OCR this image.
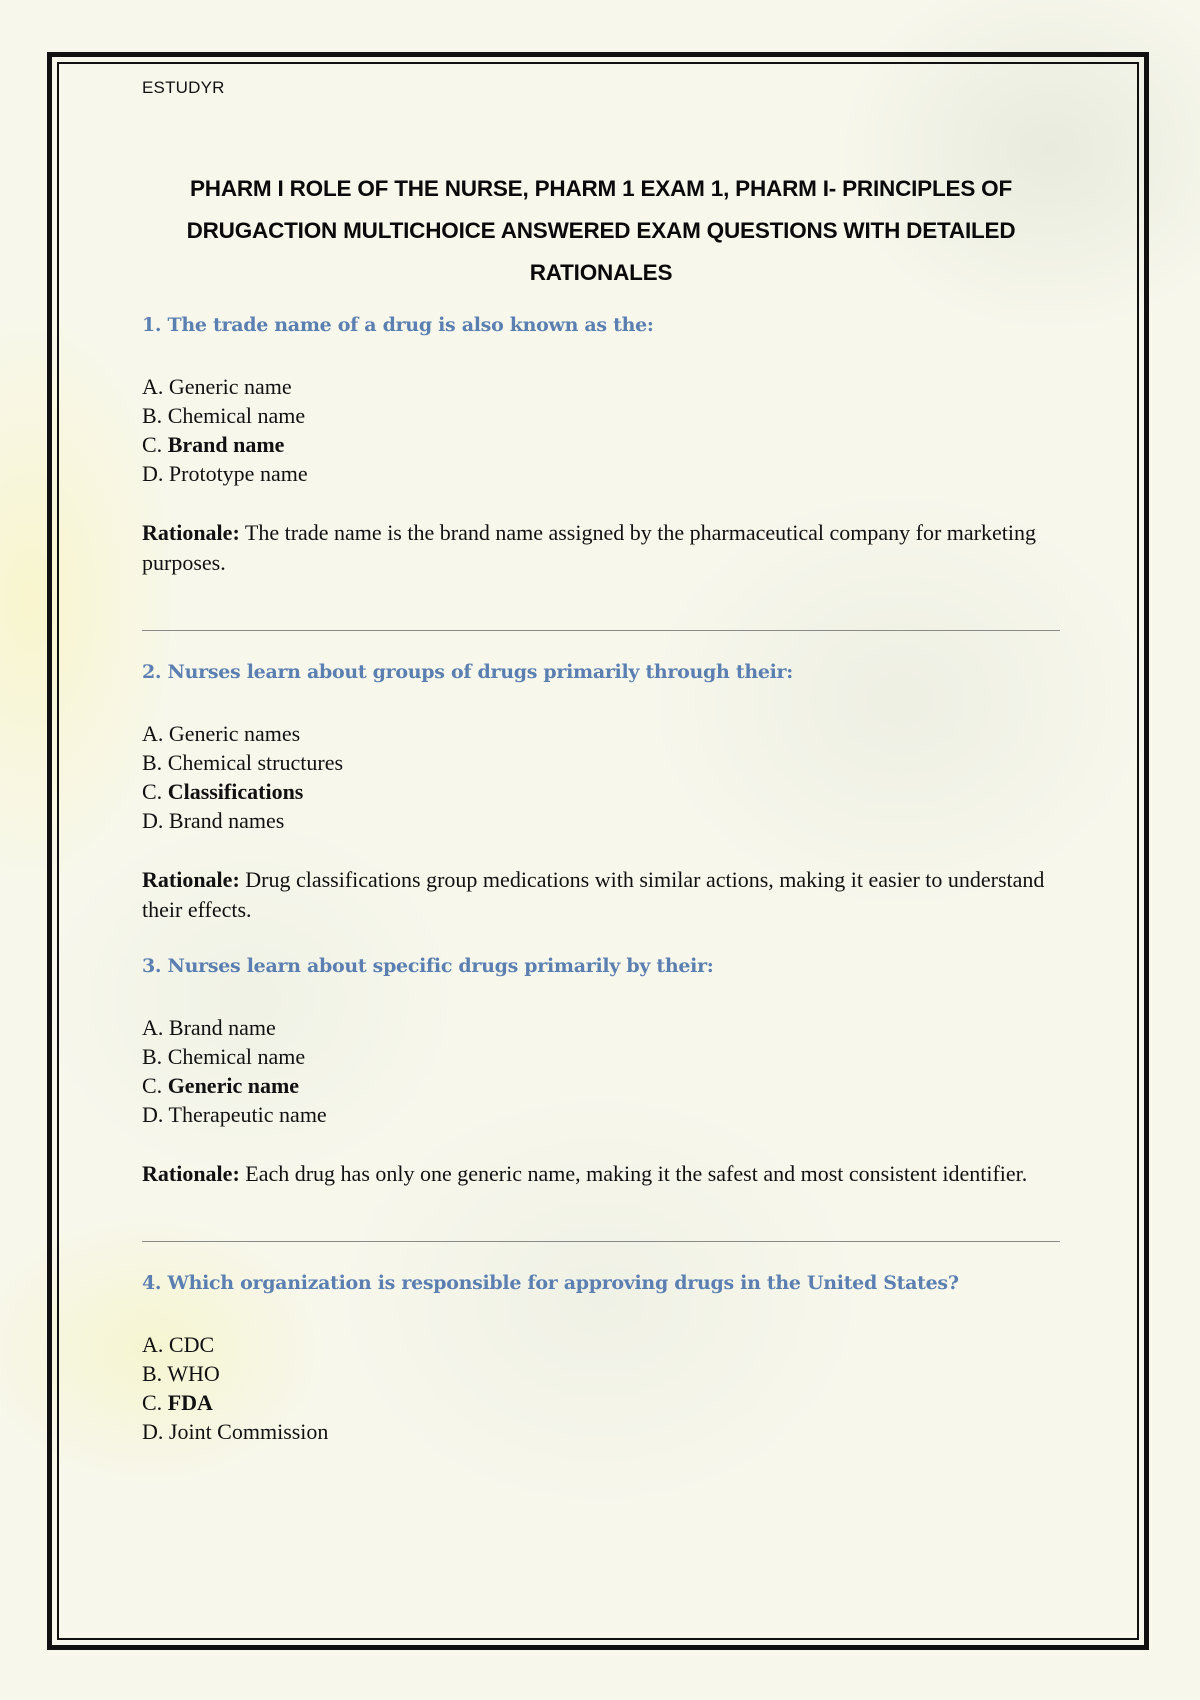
ESTUDYR
PHARM I ROLE OF THE NURSE, PHARM 1 EXAM 1, PHARM I- PRINCIPLES OF
DRUGACTION MULTICHOICE ANSWERED EXAM QUESTIONS WITH DETAILED
RATIONALES
1. The trade name of a drug is also known as the:
A. Generic name
B. Chemical name
C. Brand name
D. Prototype name
Rationale: The trade name is the brand name assigned by the pharmaceutical company for marketing purposes.
2. Nurses learn about groups of drugs primarily through their:
A. Generic names
B. Chemical structures
C. Classifications
D. Brand names
Rationale: Drug classifications group medications with similar actions, making it easier to understand their effects.
3. Nurses learn about specific drugs primarily by their:
A. Brand name
B. Chemical name
C. Generic name
D. Therapeutic name
Rationale: Each drug has only one generic name, making it the safest and most consistent identifier.
4. Which organization is responsible for approving drugs in the United States?
A. CDC
B. WHO
C. FDA
D. Joint Commission
